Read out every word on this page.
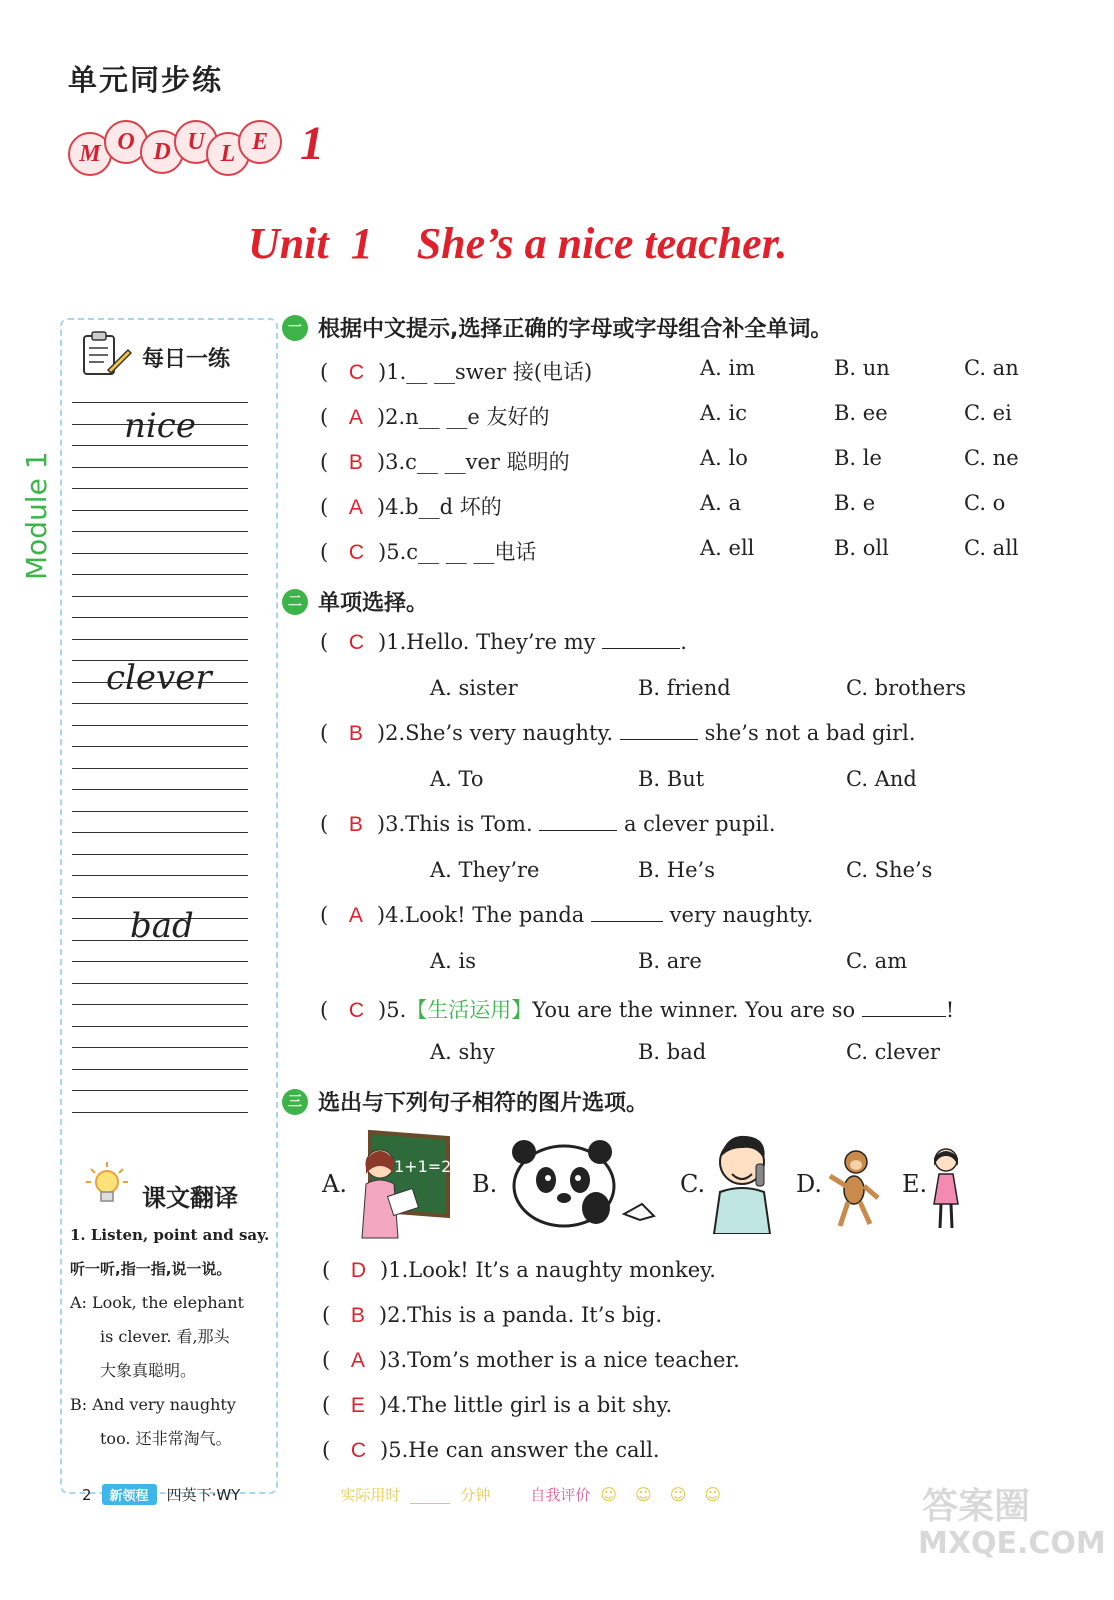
单元同步练
M O D U L E 1
Unit  1    She’s a nice teacher.
Module 1
每日一练
nice
clever
bad
课文翻译
1. Listen, point and say.
听一听,指一指,说一说。
A: Look, the elephant
is clever. 看,那头
大象真聪明。
B: And very naughty
too. 还非常淘气。
一 根据中文提示,选择正确的字母或字母组合补全单词。
( C )1.__ __swer 接(电话)	A. im	B. un	C. an
( A )2.n__ __e 友好的	A. ic	B. ee	C. ei
( B )3.c__ __ver 聪明的	A. lo	B. le	C. ne
( A )4.b__d 坏的	A. a	B. e	C. o
( C )5.c__ __ __电话	A. ell	B. oll	C. all
二 单项选择。
( C )1.Hello. They’re my	.
A. sister	B. friend	C. brothers
( B )2.She’s very naughty.	she’s not a bad girl.
A. To	B. But	C. And
( B )3.This is Tom.	a clever pupil.
A. They’re	B. He’s	C. She’s
( A )4.Look! The panda	very naughty.
A. is	B. are	C. am
( C )5.【生活运用】You are the winner. You are so	!
A. shy	B. bad	C. clever
三 选出与下列句子相符的图片选项。
A.
1+1=2
B.	C.	D.	E.
( D )1.Look! It’s a naughty monkey.
( B )2.This is a panda. It’s big.
( A )3.Tom’s mother is a nice teacher.
( E )4.The little girl is a bit shy.
( C )5.He can answer the call.
2	新领程	四英下·WY	实际用时	分钟	自我评价 ☺☺☺☺	答案圈
MXQE.COM
